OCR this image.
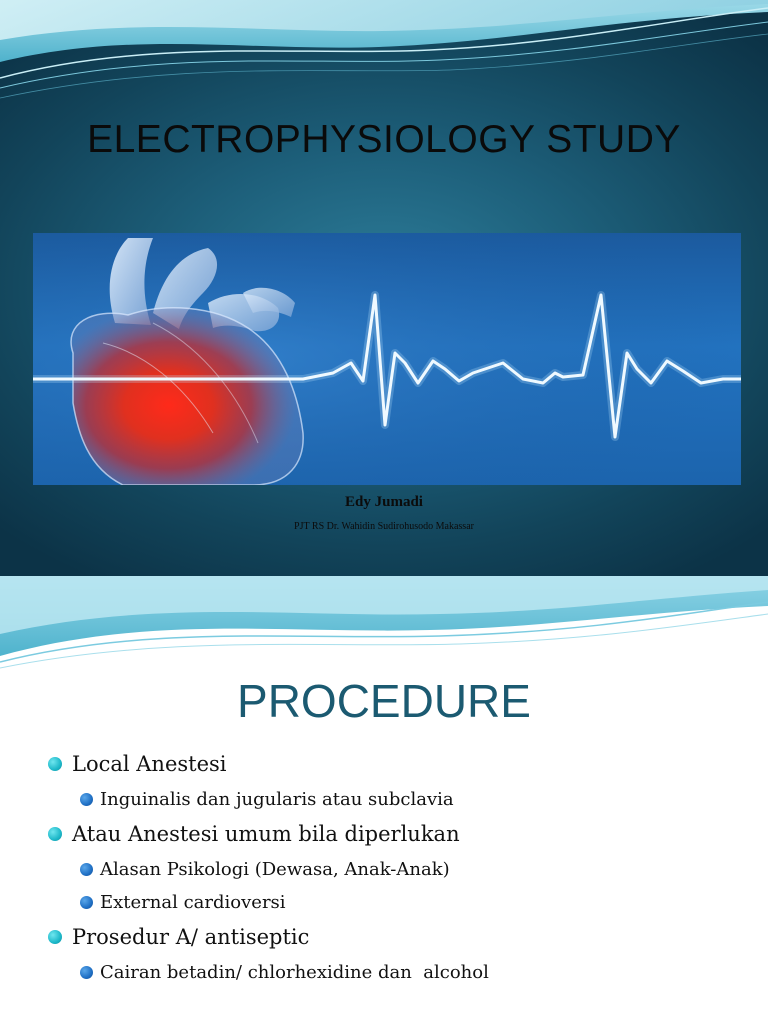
ELECTROPHYSIOLOGY STUDY
Edy Jumadi
PJT RS Dr. Wahidin Sudirohusodo Makassar
PROCEDURE
Local Anestesi
Inguinalis dan jugularis atau subclavia
Atau Anestesi umum bila diperlukan
Alasan Psikologi (Dewasa, Anak-Anak)
External cardioversi
Prosedur A/ antiseptic
Cairan betadin/ chlorhexidine dan  alcohol
